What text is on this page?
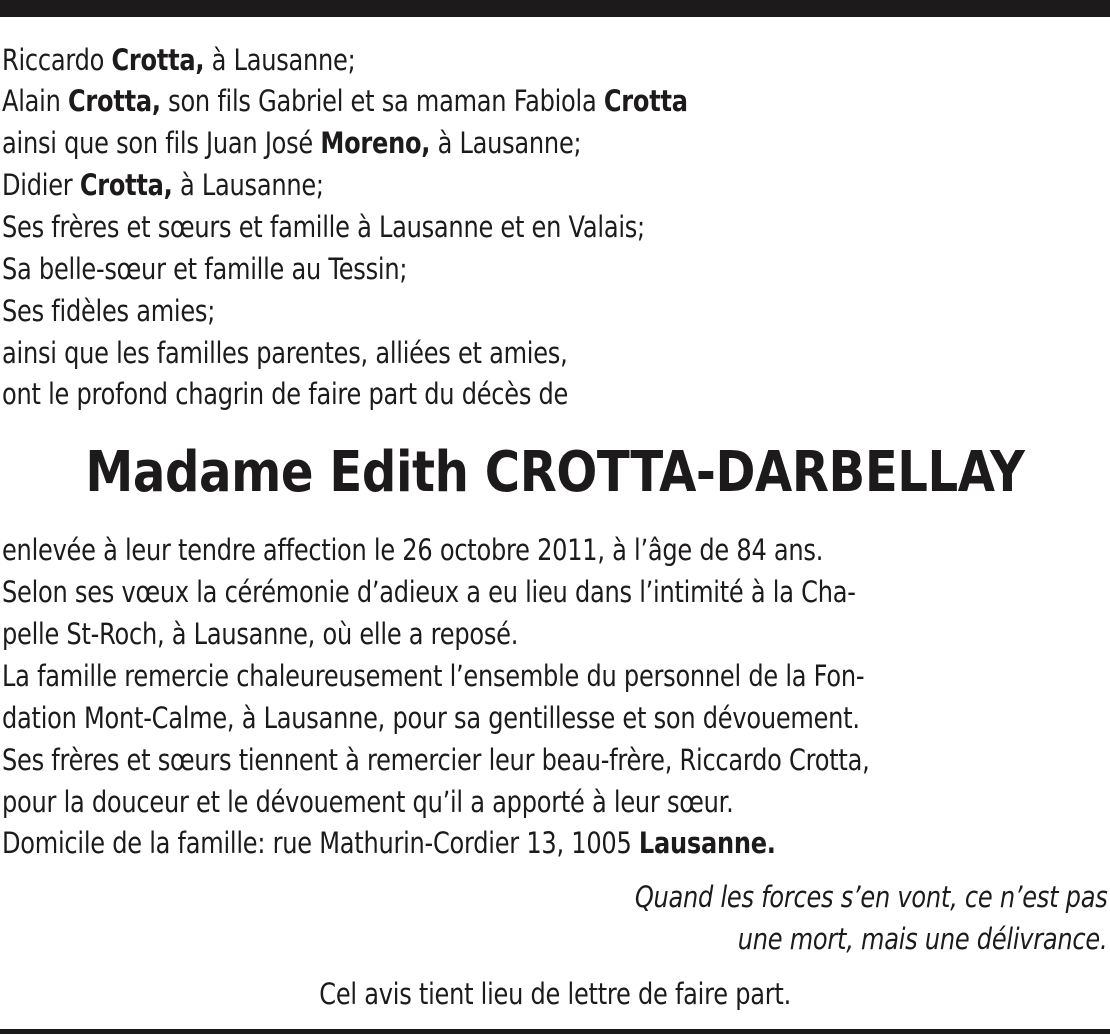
Riccardo Crotta, à Lausanne;
Alain Crotta, son fils Gabriel et sa maman Fabiola Crotta
ainsi que son fils Juan José Moreno, à Lausanne;
Didier Crotta, à Lausanne;
Ses frères et sœurs et famille à Lausanne et en Valais;
Sa belle-sœur et famille au Tessin;
Ses fidèles amies;
ainsi que les familles parentes, alliées et amies,
ont le profond chagrin de faire part du décès de
Madame Edith CROTTA-DARBELLAY
enlevée à leur tendre affection le 26 octobre 2011, à l’âge de 84 ans.
Selon ses vœux la cérémonie d’adieux a eu lieu dans l’intimité à la Cha-
pelle St-Roch, à Lausanne, où elle a reposé.
La famille remercie chaleureusement l’ensemble du personnel de la Fon-
dation Mont-Calme, à Lausanne, pour sa gentillesse et son dévouement.
Ses frères et sœurs tiennent à remercier leur beau-frère, Riccardo Crotta,
pour la douceur et le dévouement qu’il a apporté à leur sœur.
Domicile de la famille: rue Mathurin-Cordier 13, 1005 Lausanne.
Quand les forces s’en vont, ce n’est pas
une mort, mais une délivrance.
Cel avis tient lieu de lettre de faire part.
